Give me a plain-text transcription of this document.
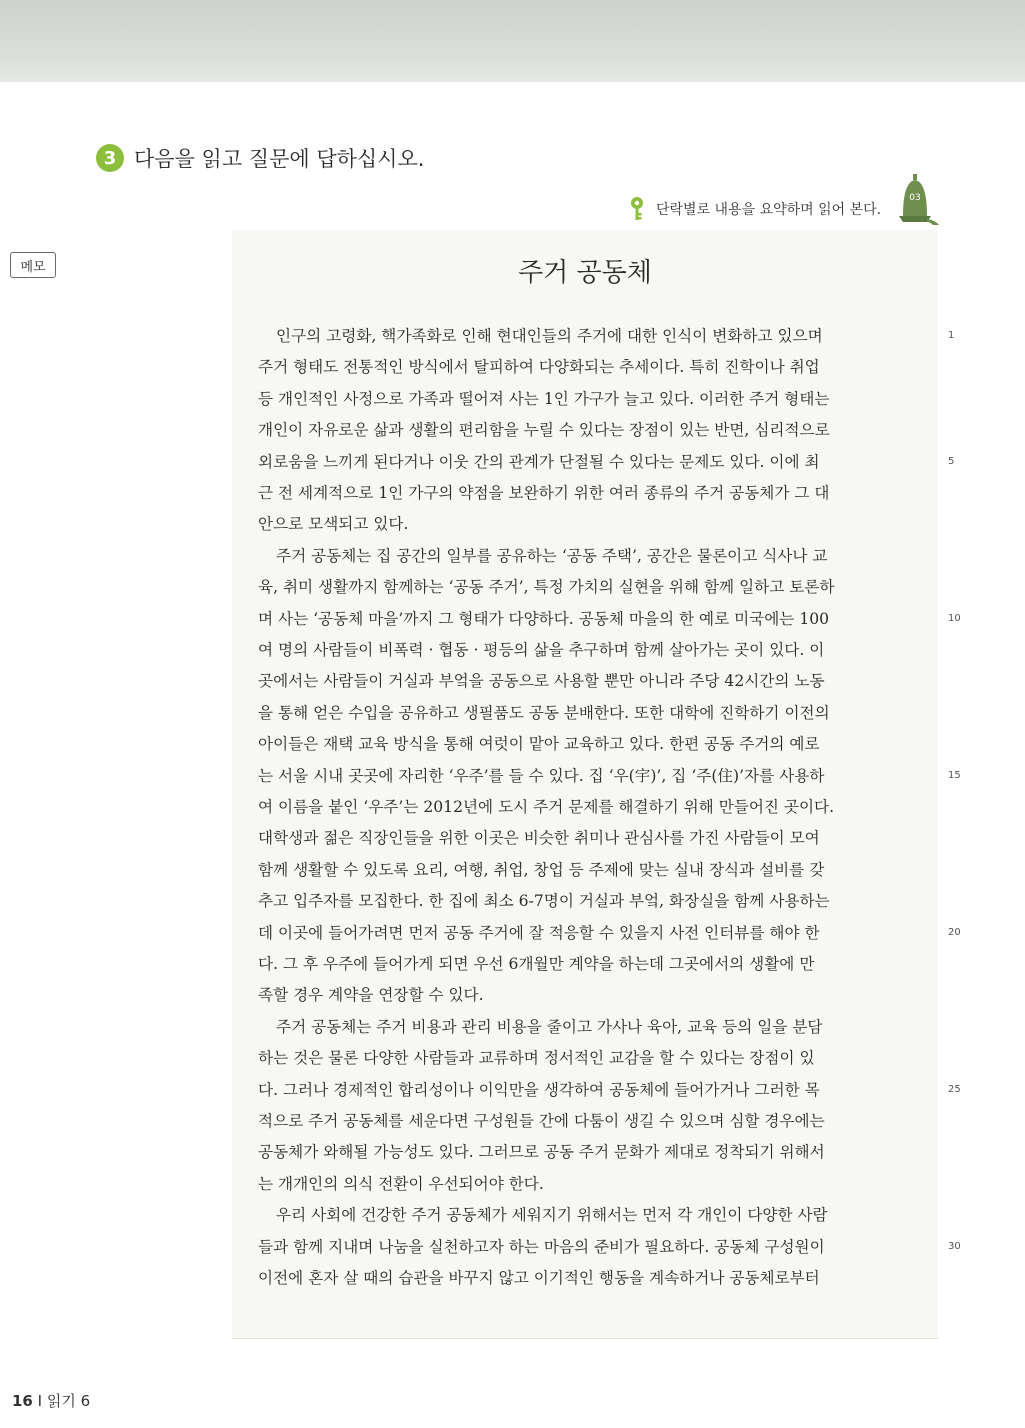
3 다음을 읽고 질문에 답하십시오.
단락별로 내용을 요약하며 읽어 본다.
03
메모	주거 공동체
인구의 고령화, 핵가족화로 인해 현대인들의 주거에 대한 인식이 변화하고 있으며
주거 형태도 전통적인 방식에서 탈피하여 다양화되는 추세이다. 특히 진학이나 취업
등 개인적인 사정으로 가족과 떨어져 사는 1인 가구가 늘고 있다. 이러한 주거 형태는
개인이 자유로운 삶과 생활의 편리함을 누릴 수 있다는 장점이 있는 반면, 심리적으로
외로움을 느끼게 된다거나 이웃 간의 관계가 단절될 수 있다는 문제도 있다. 이에 최
근 전 세계적으로 1인 가구의 약점을 보완하기 위한 여러 종류의 주거 공동체가 그 대
안으로 모색되고 있다.
주거 공동체는 집 공간의 일부를 공유하는 ‘공동 주택’, 공간은 물론이고 식사나 교
육, 취미 생활까지 함께하는 ‘공동 주거’, 특정 가치의 실현을 위해 함께 일하고 토론하
며 사는 ‘공동체 마을’까지 그 형태가 다양하다. 공동체 마을의 한 예로 미국에는 100
여 명의 사람들이 비폭력 · 협동 · 평등의 삶을 추구하며 함께 살아가는 곳이 있다. 이
곳에서는 사람들이 거실과 부엌을 공동으로 사용할 뿐만 아니라 주당 42시간의 노동
을 통해 얻은 수입을 공유하고 생필품도 공동 분배한다. 또한 대학에 진학하기 이전의
아이들은 재택 교육 방식을 통해 여럿이 맡아 교육하고 있다. 한편 공동 주거의 예로
는 서울 시내 곳곳에 자리한 ‘우주’를 들 수 있다. 집 ‘우(宇)’, 집 ‘주(住)’자를 사용하
여 이름을 붙인 ‘우주’는 2012년에 도시 주거 문제를 해결하기 위해 만들어진 곳이다.
대학생과 젊은 직장인들을 위한 이곳은 비슷한 취미나 관심사를 가진 사람들이 모여
함께 생활할 수 있도록 요리, 여행, 취업, 창업 등 주제에 맞는 실내 장식과 설비를 갖
추고 입주자를 모집한다. 한 집에 최소 6-7명이 거실과 부엌, 화장실을 함께 사용하는
데 이곳에 들어가려면 먼저 공동 주거에 잘 적응할 수 있을지 사전 인터뷰를 해야 한
다. 그 후 우주에 들어가게 되면 우선 6개월만 계약을 하는데 그곳에서의 생활에 만
족할 경우 계약을 연장할 수 있다.
주거 공동체는 주거 비용과 관리 비용을 줄이고 가사나 육아, 교육 등의 일을 분담
하는 것은 물론 다양한 사람들과 교류하며 정서적인 교감을 할 수 있다는 장점이 있
다. 그러나 경제적인 합리성이나 이익만을 생각하여 공동체에 들어가거나 그러한 목
적으로 주거 공동체를 세운다면 구성원들 간에 다툼이 생길 수 있으며 심할 경우에는
공동체가 와해될 가능성도 있다. 그러므로 공동 주거 문화가 제대로 정착되기 위해서
는 개개인의 의식 전환이 우선되어야 한다.
우리 사회에 건강한 주거 공동체가 세워지기 위해서는 먼저 각 개인이 다양한 사람
들과 함께 지내며 나눔을 실천하고자 하는 마음의 준비가 필요하다. 공동체 구성원이
이전에 혼자 살 때의 습관을 바꾸지 않고 이기적인 행동을 계속하거나 공동체로부터
1
5
10
15
20
25
30
16 I 읽기 6
